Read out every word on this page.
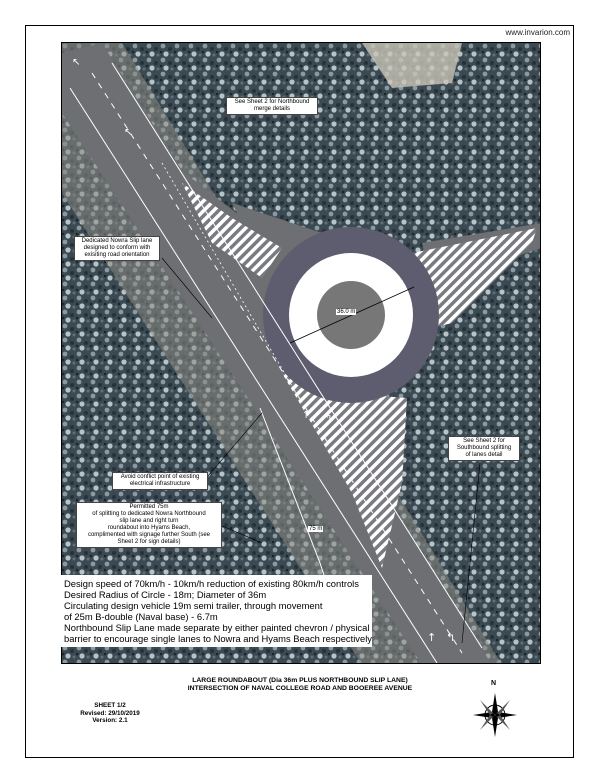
www.invarion.com
↖
↖
↑ ↰
↑ ↰
36.0 m
75 m
See Sheet 2 for Northbound
merge details
Dedicated Nowra Slip lane
designed to conform with
exisiting road orientation
See Sheet 2 for
Southbound splitting
of lanes detail
Avoid conflict point of existing
electrical infrastructure
Permitted 75m
of splitting to dedicated Nowra Northbound
slip lane and right turn
roundabout into Hyams Beach,
complimented with signage further South (see
Sheet 2 for sign details)
Design speed of 70km/h - 10km/h reduction of existing 80km/h controls
Desired Radius of Circle - 18m; Diameter of 36m
Circulating design vehicle 19m semi trailer, through movement
of 25m B-double (Naval base) - 6.7m
Northbound Slip Lane made separate by either painted chevron / physical
barrier to encourage single lanes to Nowra and Hyams Beach respectively
LARGE ROUNDABOUT (Dia 36m PLUS NORTHBOUND SLIP LANE)
INTERSECTION OF NAVAL COLLEGE ROAD AND BOOEREE AVENUE
SHEET 1/2
Revised: 29/10/2019
Version: 2.1
N
